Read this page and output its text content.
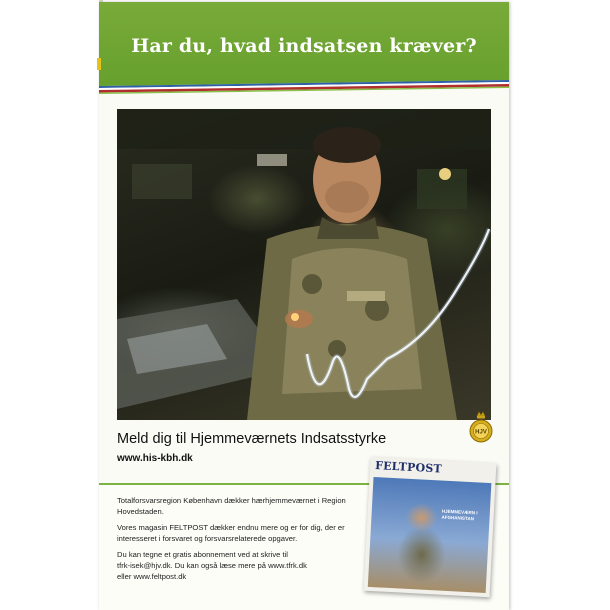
Har du, hvad indsatsen kræver?
HJV
Meld dig til Hjemmeværnets Indsatsstyrke
www.his-kbh.dk

Totalforsvarsregion København dækker hærhjemmeværnet i Region Hovedstaden.

Vores magasin FELTPOST dækker endnu mere og er for dig, der er interesseret i forsvaret og forsvarsrelaterede opgaver.

Du kan tegne et gratis abonnement ved at skrive til
tfrk-isek@hjv.dk. Du kan også læse mere på www.tfrk.dk
eller www.feltpost.dk

FELTPOST
HJEMMEVÆRN I AFGHANISTAN
